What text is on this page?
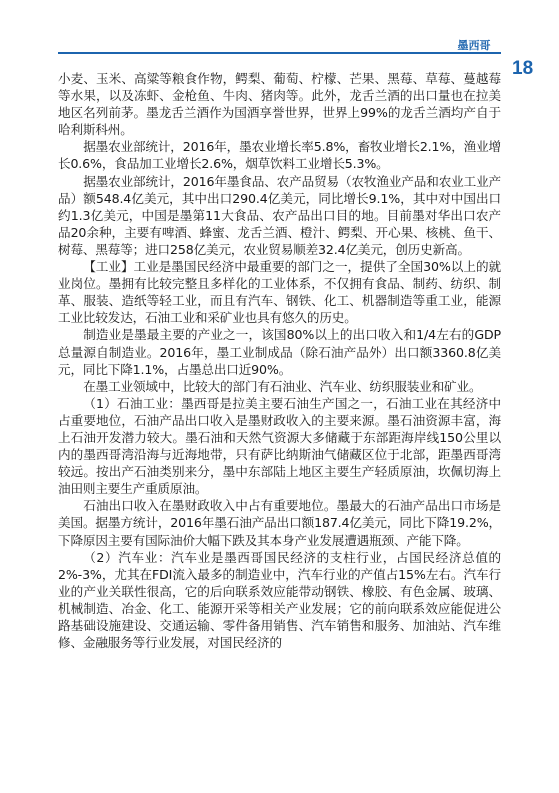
墨西哥
18

小麦、玉米、高粱等粮食作物，鳄梨、葡萄、柠檬、芒果、黑莓、草莓、蔓越莓等水果，以及冻虾、金枪鱼、牛肉、猪肉等。此外，龙舌兰酒的出口量也在拉美地区名列前茅。墨龙舌兰酒作为国酒享誉世界，世界上99%的龙舌兰酒均产自于哈利斯科州。

据墨农业部统计，2016年，墨农业增长率5.8%，畜牧业增长2.1%，渔业增长0.6%，食品加工业增长2.6%，烟草饮料工业增长5.3%。

据墨农业部统计，2016年墨食品、农产品贸易（农牧渔业产品和农业工业产品）额548.4亿美元，其中出口290.4亿美元，同比增长9.1%，其中对中国出口约1.3亿美元，中国是墨第11大食品、农产品出口目的地。目前墨对华出口农产品20余种，主要有啤酒、蜂蜜、龙舌兰酒、橙汁、鳄梨、开心果、核桃、鱼干、树莓、黑莓等；进口258亿美元，农业贸易顺差32.4亿美元，创历史新高。

【工业】工业是墨国民经济中最重要的部门之一，提供了全国30%以上的就业岗位。墨拥有比较完整且多样化的工业体系，不仅拥有食品、制药、纺织、制革、服装、造纸等轻工业，而且有汽车、钢铁、化工、机器制造等重工业，能源工业比较发达，石油工业和采矿业也具有悠久的历史。

制造业是墨最主要的产业之一，该国80%以上的出口收入和1/4左右的GDP总量源自制造业。2016年，墨工业制成品（除石油产品外）出口额3360.8亿美元，同比下降1.1%，占墨总出口近90%。

在墨工业领域中，比较大的部门有石油业、汽车业、纺织服装业和矿业。

（1）石油工业：墨西哥是拉美主要石油生产国之一，石油工业在其经济中占重要地位，石油产品出口收入是墨财政收入的主要来源。墨石油资源丰富，海上石油开发潜力较大。墨石油和天然气资源大多储藏于东部距海岸线150公里以内的墨西哥湾沿海与近海地带，只有萨比纳斯油气储藏区位于北部，距墨西哥湾较远。按出产石油类别来分，墨中东部陆上地区主要生产轻质原油，坎佩切海上油田则主要生产重质原油。

石油出口收入在墨财政收入中占有重要地位。墨最大的石油产品出口市场是美国。据墨方统计，2016年墨石油产品出口额187.4亿美元，同比下降19.2%，下降原因主要有国际油价大幅下跌及其本身产业发展遭遇瓶颈、产能下降。

（2）汽车业：汽车业是墨西哥国民经济的支柱行业，占国民经济总值的2%-3%，尤其在FDI流入最多的制造业中，汽车行业的产值占15%左右。汽车行业的产业关联性很高，它的后向联系效应能带动钢铁、橡胶、有色金属、玻璃、机械制造、冶金、化工、能源开采等相关产业发展；它的前向联系效应能促进公路基础设施建设、交通运输、零件备用销售、汽车销售和服务、加油站、汽车维修、金融服务等行业发展，对国民经济的
